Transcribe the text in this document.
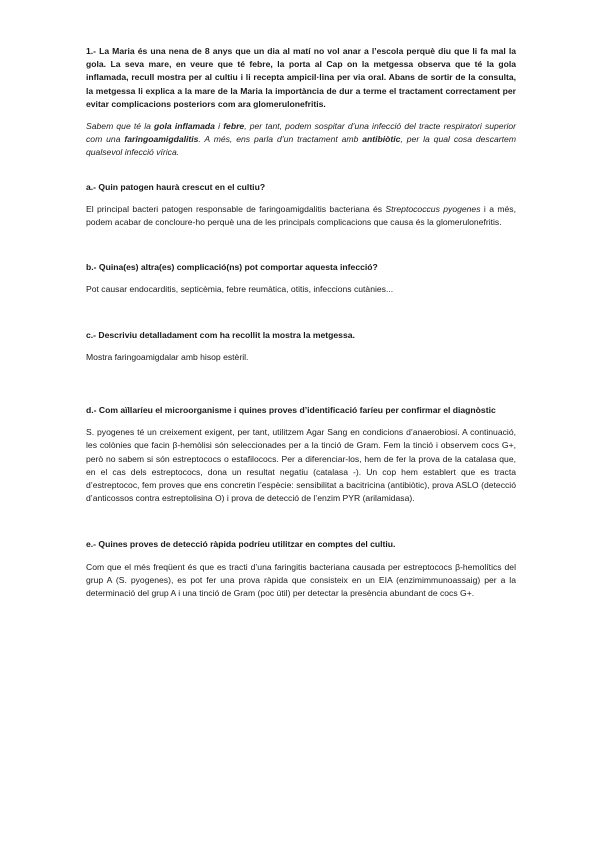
1.- La Maria és una nena de 8 anys que un dia al matí no vol anar a l’escola perquè diu que li fa mal la gola. La seva mare, en veure que té febre, la porta al Cap on la metgessa observa que té la gola inflamada, recull mostra per al cultiu i li recepta ampicil·lina per via oral. Abans de sortir de la consulta, la metgessa li explica a la mare de la Maria la importància de dur a terme el tractament correctament per evitar complicacions posteriors com ara glomerulonefritis.

Sabem que té la gola inflamada i febre, per tant, podem sospitar d’una infecció del tracte respiratori superior com una faringoamigdalitis. A més, ens parla d’un tractament amb antibiòtic, per la qual cosa descartem qualsevol infecció vírica.

a.- Quin patogen haurà crescut en el cultiu?

El principal bacteri patogen responsable de faringoamigdalitis bacteriana és Streptococcus pyogenes i a més, podem acabar de concloure-ho perquè una de les principals complicacions que causa és la glomerulonefritis.

b.- Quina(es) altra(es) complicació(ns) pot comportar aquesta infecció?

Pot causar endocarditis, septicèmia, febre reumàtica, otitis, infeccions cutànies...

c.- Descriviu detalladament com ha recollit la mostra la metgessa.

Mostra faringoamigdalar amb hisop estèril.

d.- Com aïllaríeu el microorganisme i quines proves d’identificació faríeu per confirmar el diagnòstic

S. pyogenes té un creixement exigent, per tant, utilitzem Agar Sang en condicions d’anaerobiosi. A continuació, les colònies que facin β-hemòlisi són seleccionades per a la tinció de Gram. Fem la tinció i observem cocs G+, però no sabem si són estreptococs o estafilococs. Per a diferenciar-los, hem de fer la prova de la catalasa que, en el cas dels estreptococs, dona un resultat negatiu (catalasa -). Un cop hem establert que es tracta d’estreptococ, fem proves que ens concretin l’espècie: sensibilitat a bacitricina (antibiòtic), prova ASLO (detecció d’anticossos contra estreptolisina O) i prova de detecció de l’enzim PYR (arilamidasa).

e.- Quines proves de detecció ràpida podríeu utilitzar en comptes del cultiu.

Com que el més freqüent és que es tracti d’una faringitis bacteriana causada per estreptococs β-hemolítics del grup A (S. pyogenes), es pot fer una prova ràpida que consisteix en un EIA (enzimimmunoassaig) per a la determinació del grup A i una tinció de Gram (poc útil) per detectar la presència abundant de cocs G+.
